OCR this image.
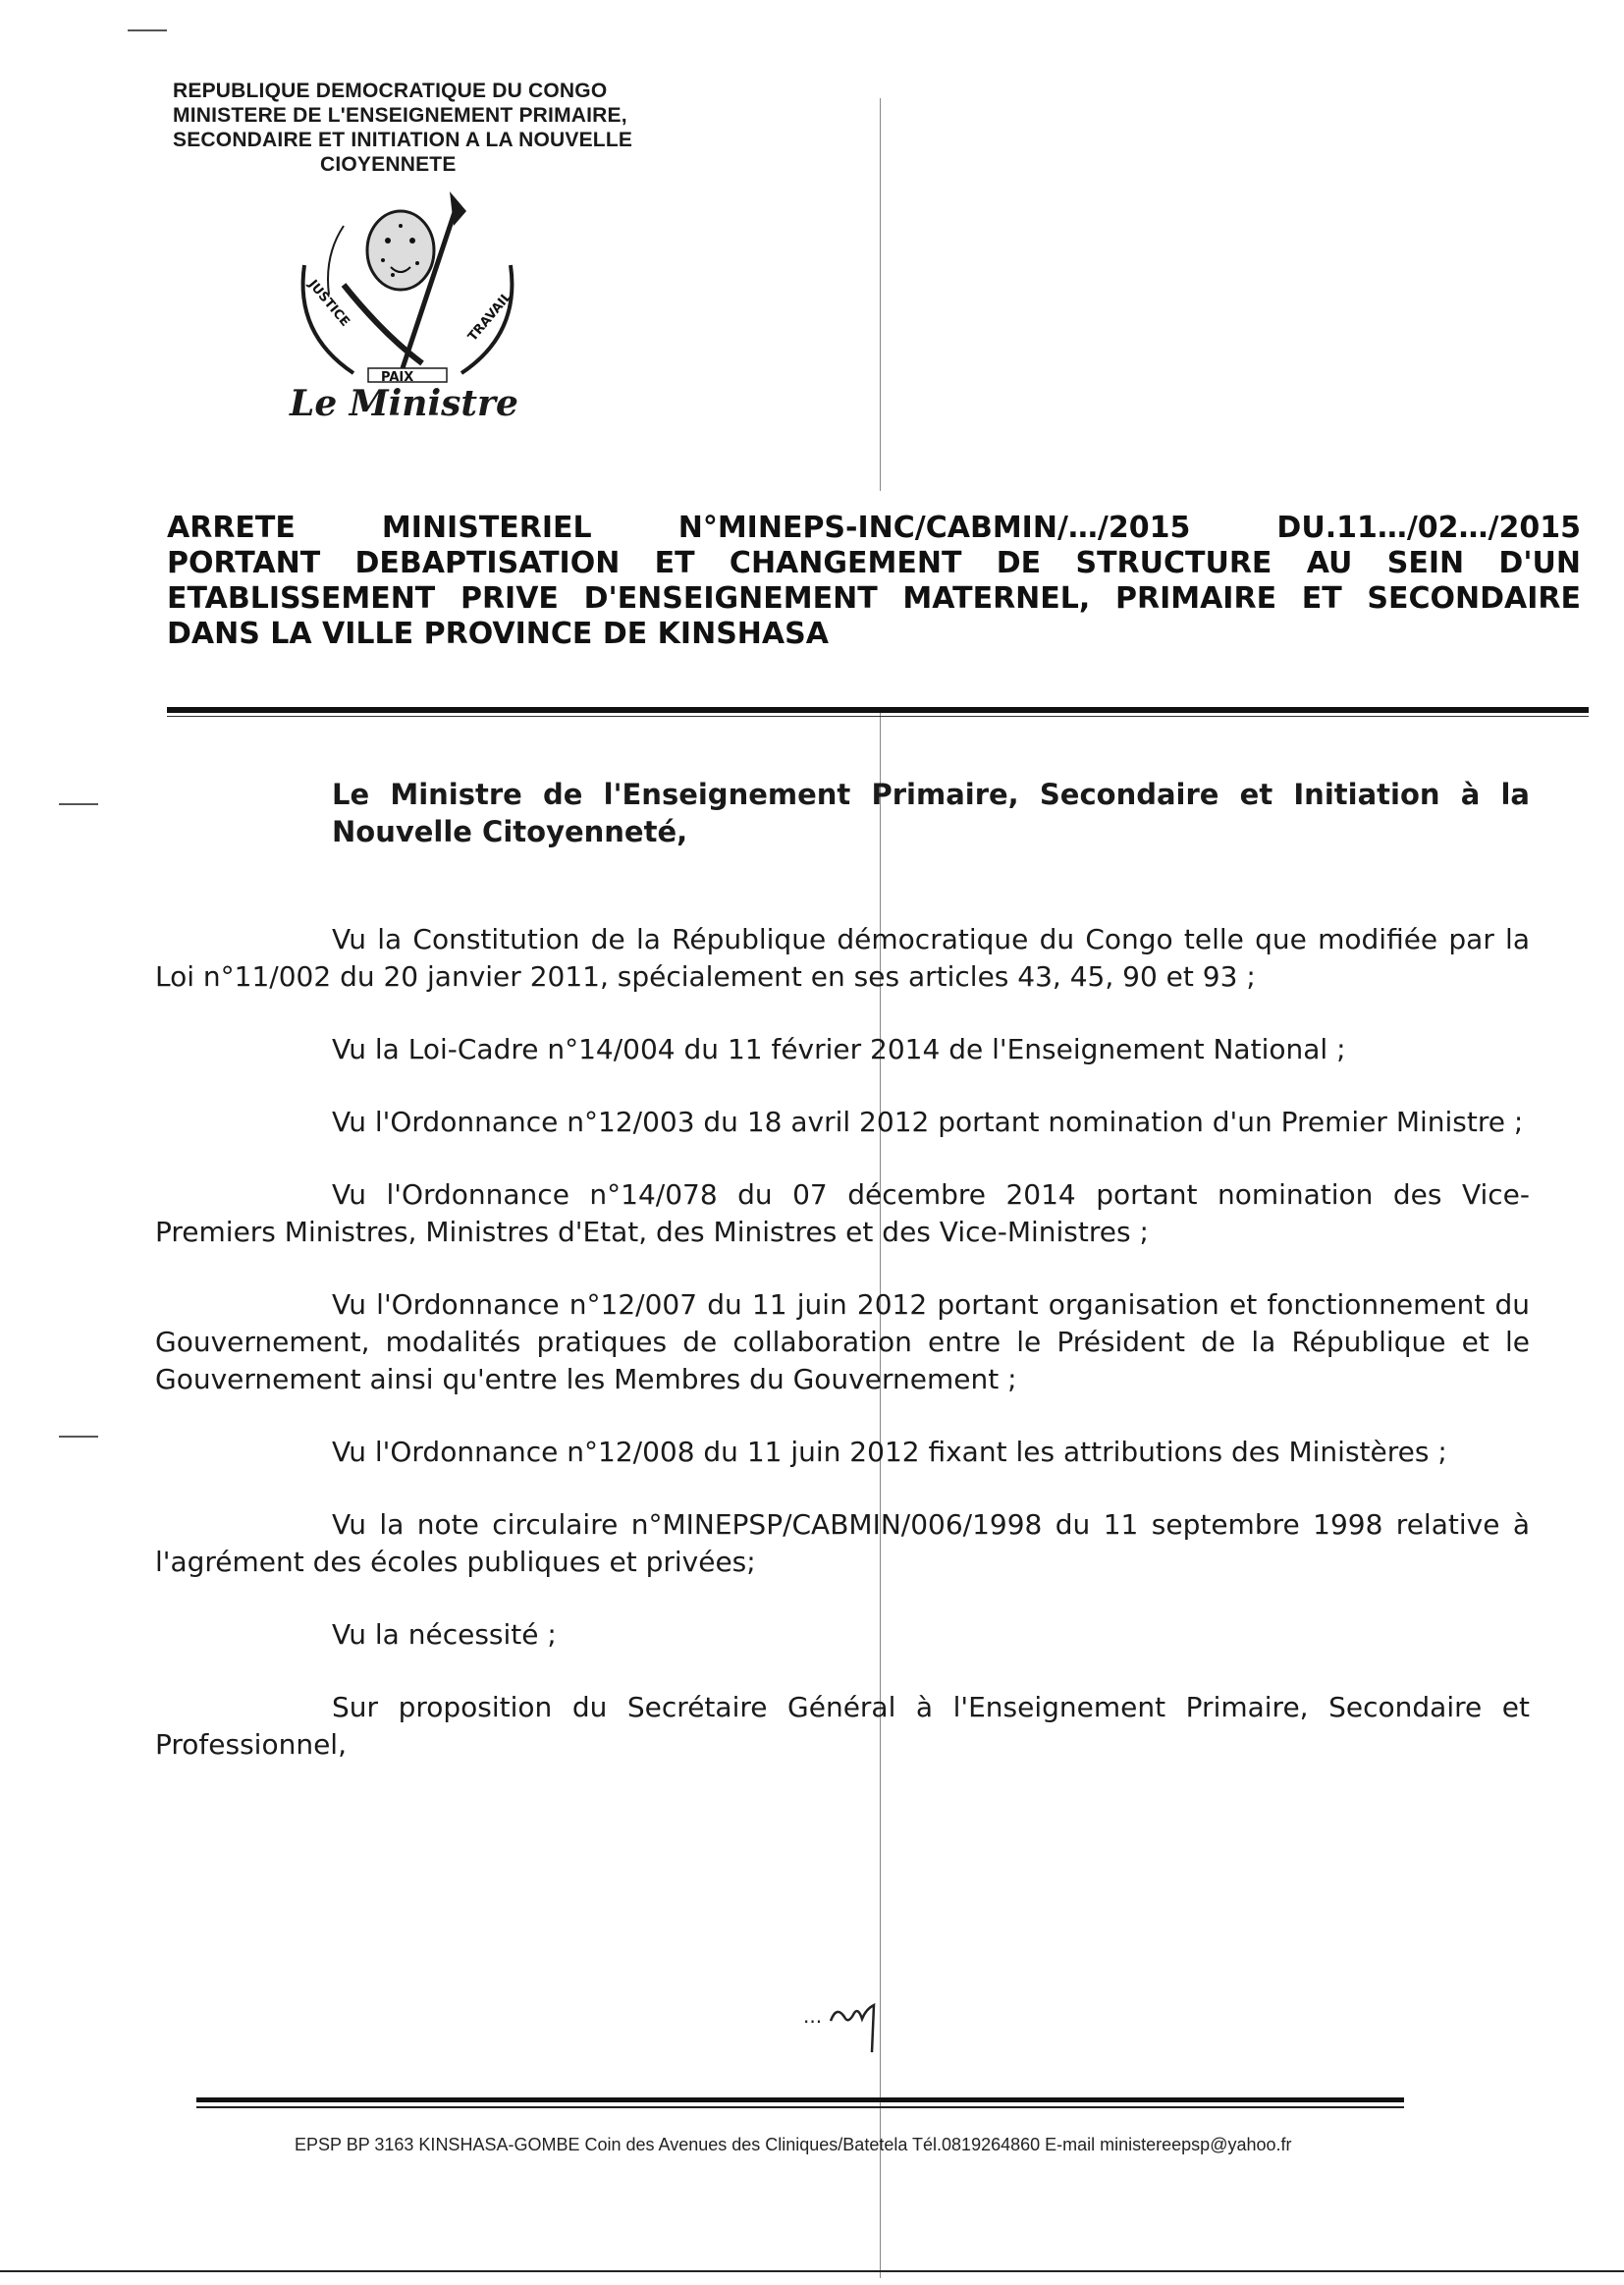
REPUBLIQUE DEMOCRATIQUE DU CONGO
MINISTERE DE L'ENSEIGNEMENT PRIMAIRE,
SECONDAIRE ET INITIATION A LA NOUVELLE
CIOYENNETE
JUSTICE
PAIX
TRAVAIL
Le Ministre
ARRETE MINISTERIEL N°MINEPS-INC/CABMIN/…/2015 DU.11…/02…/2015
PORTANT DEBAPTISATION ET CHANGEMENT DE STRUCTURE AU SEIN D'UN
ETABLISSEMENT PRIVE D'ENSEIGNEMENT MATERNEL, PRIMAIRE ET SECONDAIRE
DANS LA VILLE PROVINCE DE KINSHASA
Le Ministre de l'Enseignement Primaire, Secondaire et Initiation à la Nouvelle Citoyenneté,

Vu la Constitution de la République démocratique du Congo telle que modifiée par la Loi n°11/002 du 20 janvier 2011, spécialement en ses articles 43, 45, 90 et 93 ;

Vu la Loi-Cadre n°14/004 du 11 février 2014 de l'Enseignement National ;

Vu l'Ordonnance n°12/003 du 18 avril 2012 portant nomination d'un Premier Ministre ;

Vu l'Ordonnance n°14/078 du 07 décembre 2014 portant nomination des Vice-Premiers Ministres, Ministres d'Etat, des Ministres et des Vice-Ministres ;

Vu l'Ordonnance n°12/007 du 11 juin 2012 portant organisation et fonctionnement du Gouvernement, modalités pratiques de collaboration entre le Président de la République et le Gouvernement ainsi qu'entre les Membres du Gouvernement ;

Vu l'Ordonnance n°12/008 du 11 juin 2012 fixant les attributions des Ministères ;

Vu la note circulaire n°MINEPSP/CABMIN/006/1998 du 11 septembre 1998 relative à l'agrément des écoles publiques et privées;

Vu la nécessité ;

Sur proposition du Secrétaire Général à l'Enseignement Primaire, Secondaire et Professionnel,

...
EPSP BP 3163 KINSHASA-GOMBE Coin des Avenues des Cliniques/Batetela Tél.0819264860 E-mail ministereepsp@yahoo.fr
